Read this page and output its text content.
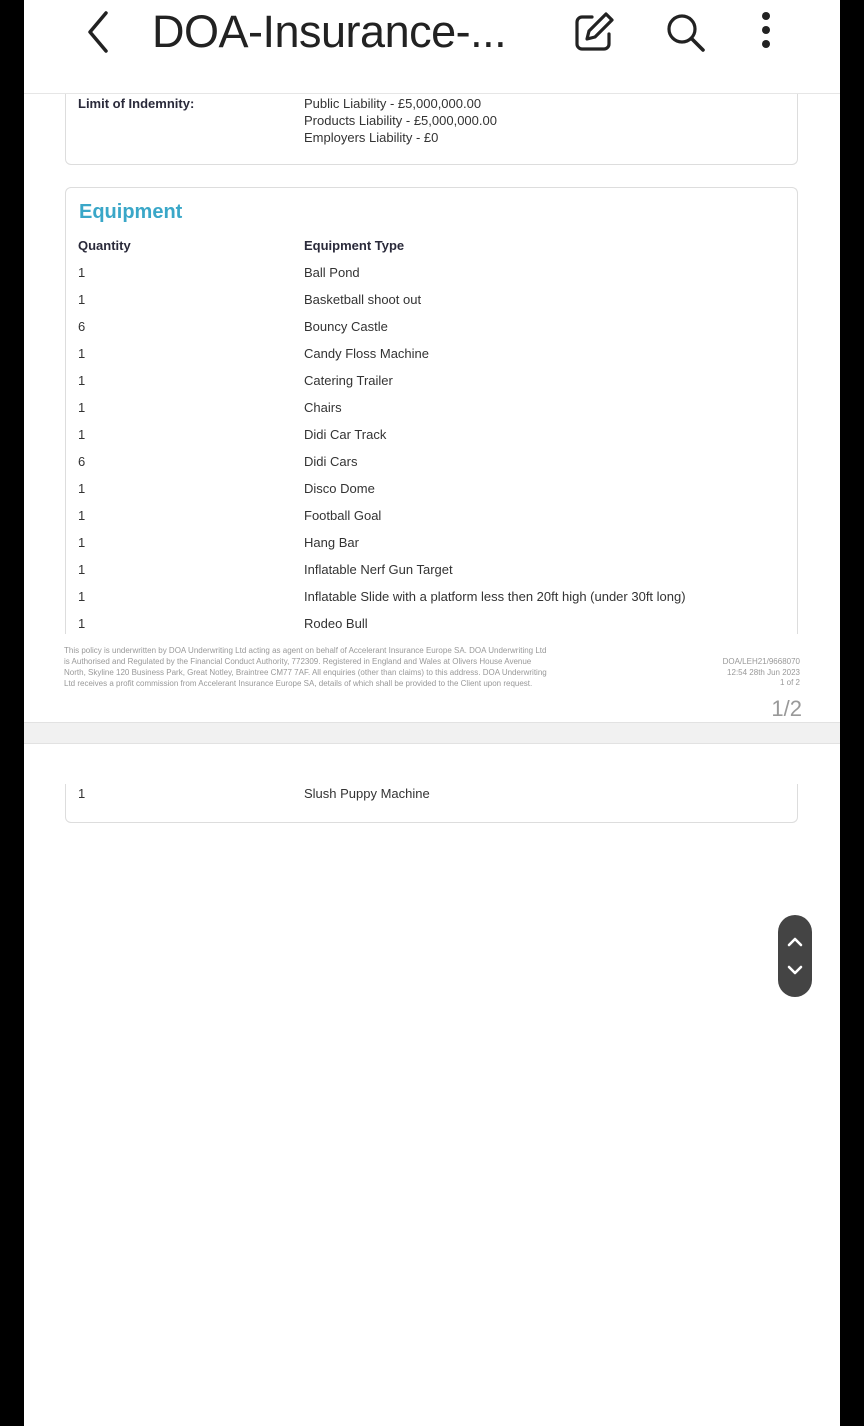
Limit of Indemnity:	Public Liability - £5,000,000.00
Products Liability - £5,000,000.00
Employers Liability - £0
Equipment
Quantity	Equipment Type
1	Ball Pond
1	Basketball shoot out
6	Bouncy Castle
1	Candy Floss Machine
1	Catering Trailer
1	Chairs
1	Didi Car Track
6	Didi Cars
1	Disco Dome
1	Football Goal
1	Hang Bar
1	Inflatable Nerf Gun Target
1	Inflatable Slide with a platform less then 20ft high (under 30ft long)
1	Rodeo Bull
This policy is underwritten by DOA Underwriting Ltd acting as agent on behalf of Accelerant Insurance Europe SA. DOA Underwriting Ltd
is Authorised and Regulated by the Financial Conduct Authority, 772309. Registered in England and Wales at Olivers House Avenue
North, Skyline 120 Business Park, Great Notley, Braintree CM77 7AF. All enquiries (other than claims) to this address. DOA Underwriting
Ltd receives a profit commission from Accelerant Insurance Europe SA, details of which shall be provided to the Client upon request.
DOA/LEH21/9668070
12:54 28th Jun 2023
1 of 2
1/2
1	Slush Puppy Machine
DOA-Insurance-...
